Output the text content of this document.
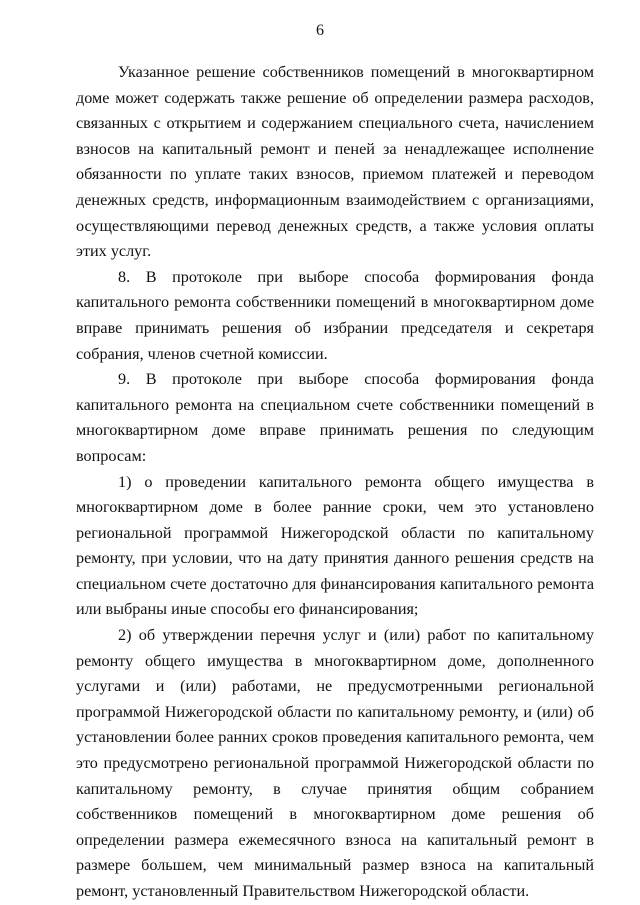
6

Указанное решение собственников помещений в многоквартирном доме может содержать также решение об определении размера расходов, связанных с открытием и содержанием специального счета, начислением взносов на капитальный ремонт и пеней за ненадлежащее исполнение обязанности по уплате таких взносов, приемом платежей и переводом денежных средств, информационным взаимодействием с организациями, осуществляющими перевод денежных средств, а также условия оплаты этих услуг.

8. В протоколе при выборе способа формирования фонда капитального ремонта собственники помещений в многоквартирном доме вправе принимать решения об избрании председателя и секретаря собрания, членов счетной комиссии.

9. В протоколе при выборе способа формирования фонда капитального ремонта на специальном счете собственники помещений в многоквартирном доме вправе принимать решения по следующим вопросам:

1) о проведении капитального ремонта общего имущества в многоквартирном доме в более ранние сроки, чем это установлено региональной программой Нижегородской области по капитальному ремонту, при условии, что на дату принятия данного решения средств на специальном счете достаточно для финансирования капитального ремонта или выбраны иные способы его финансирования;

2) об утверждении перечня услуг и (или) работ по капитальному ремонту общего имущества в многоквартирном доме, дополненного услугами и (или) работами, не предусмотренными региональной программой Нижегородской области по капитальному ремонту, и (или) об установлении более ранних сроков проведения капитального ремонта, чем это предусмотрено региональной программой Нижегородской области по капитальному ремонту, в случае принятия общим собранием собственников помещений в многоквартирном доме решения об определении размера ежемесячного взноса на капитальный ремонт в размере большем, чем минимальный размер взноса на капитальный ремонт, установленный Правительством Нижегородской области.
